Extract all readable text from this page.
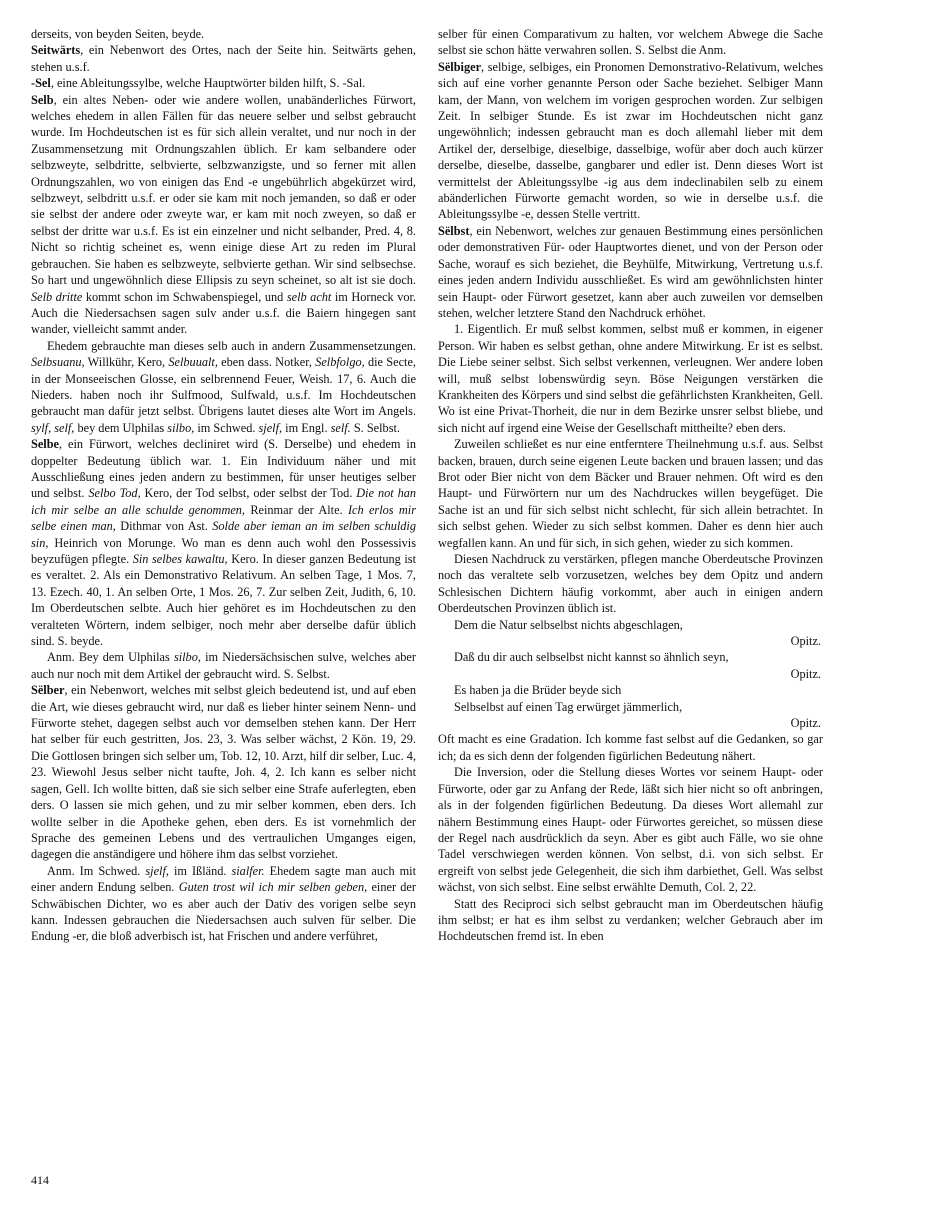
derseits, von beyden Seiten, beyde.

Seitwärts, ein Nebenwort des Ortes, nach der Seite hin. Seitwärts gehen, stehen u.s.f.

-Sel, eine Ableitungssylbe, welche Hauptwörter bilden hilft, S. -Sal.

Selb, ein altes Neben- oder wie andere wollen, unabänderliches Fürwort, welches ehedem in allen Fällen für das neuere selber und selbst gebraucht wurde. Im Hochdeutschen ist es für sich allein veraltet, und nur noch in der Zusammensetzung mit Ordnungszahlen üblich. Er kam selbandere oder selbzweyte, selbdritte, selbvierte, selbzwanzigste, und so ferner mit allen Ordnungszahlen, wo von einigen das End -e ungebührlich abgekürzet wird, selbzweyt, selbdritt u.s.f. er oder sie kam mit noch jemanden, so daß er oder sie selbst der andere oder zweyte war, er kam mit noch zweyen, so daß er selbst der dritte war u.s.f. Es ist ein einzelner und nicht selbander, Pred. 4, 8. Nicht so richtig scheinet es, wenn einige diese Art zu reden im Plural gebrauchen. Sie haben es selbzweyte, selbvierte gethan. Wir sind selbsechse. So hart und ungewöhnlich diese Ellipsis zu seyn scheinet, so alt ist sie doch. Selb dritte kommt schon im Schwabenspiegel, und selb acht im Horneck vor. Auch die Niedersachsen sagen sulv ander u.s.f. die Baiern hingegen sant wander, vielleicht sammt ander.

Ehedem gebrauchte man dieses selb auch in andern Zusammensetzungen. Selbsuanu, Willkühr, Kero, Selbuualt, eben dass. Notker, Selbfolgo, die Secte, in der Monseeischen Glosse, ein selbrennend Feuer, Weish. 17, 6. Auch die Nieders. haben noch ihr Sulfmood, Sulfwald, u.s.f. Im Hochdeutschen gebraucht man dafür jetzt selbst. Übrigens lautet dieses alte Wort im Angels. sylf, self, bey dem Ulphilas silbo, im Schwed. sjelf, im Engl. self. S. Selbst.

Selbe, ein Fürwort, welches decliniret wird (S. Derselbe) und ehedem in doppelter Bedeutung üblich war. 1. Ein Individuum näher und mit Ausschließung eines jeden andern zu bestimmen, für unser heutiges selber und selbst. Selbo Tod, Kero, der Tod selbst, oder selbst der Tod. Die not han ich mir selbe an alle schulde genommen, Reinmar der Alte. Ich erlos mir selbe einen man, Dithmar von Ast. Solde aber ieman an im selben schuldig sin, Heinrich von Morunge. Wo man es denn auch wohl den Possessivis beyzufügen pflegte. Sin selbes kawaltu, Kero. In dieser ganzen Bedeutung ist es veraltet. 2. Als ein Demonstrativo Relativum. An selben Tage, 1 Mos. 7, 13. Ezech. 40, 1. An selben Orte, 1 Mos. 26, 7. Zur selben Zeit, Judith, 6, 10. Im Oberdeutschen selbte. Auch hier gehöret es im Hochdeutschen zu den veralteten Wörtern, indem selbiger, noch mehr aber derselbe dafür üblich sind. S. beyde.

Anm. Bey dem Ulphilas silbo, im Niedersächsischen sulve, welches aber auch nur noch mit dem Artikel der gebraucht wird. S. Selbst.

Sëlber, ein Nebenwort, welches mit selbst gleich bedeutend ist, und auf eben die Art, wie dieses gebraucht wird, nur daß es lieber hinter seinem Nenn- und Fürworte stehet, dagegen selbst auch vor demselben stehen kann. Der Herr hat selber für euch gestritten, Jos. 23, 3. Was selber wächst, 2 Kön. 19, 29. Die Gottlosen bringen sich selber um, Tob. 12, 10. Arzt, hilf dir selber, Luc. 4, 23. Wiewohl Jesus selber nicht taufte, Joh. 4, 2. Ich kann es selber nicht sagen, Gell. Ich wollte bitten, daß sie sich selber eine Strafe auferlegten, eben ders. O lassen sie mich gehen, und zu mir selber kommen, eben ders. Ich wollte selber in die Apotheke gehen, eben ders. Es ist vornehmlich der Sprache des gemeinen Lebens und des vertraulichen Umganges eigen, dagegen die anständigere und höhere ihm das selbst vorziehet.

Anm. Im Schwed. sjelf, im Ißländ. sialfer. Ehedem sagte man auch mit einer andern Endung selben. Guten trost wil ich mir selben geben, einer der Schwäbischen Dichter, wo es aber auch der Dativ des vorigen selbe seyn kann. Indessen gebrauchen die Niedersachsen auch sulven für selber. Die Endung -er, die bloß adverbisch ist, hat Frischen und andere verführet,

selber für einen Comparativum zu halten, vor welchem Abwege die Sache selbst sie schon hätte verwahren sollen. S. Selbst die Anm.

Sëlbiger, selbige, selbiges, ein Pronomen Demonstrativo-Relativum, welches sich auf eine vorher genannte Person oder Sache beziehet. Selbiger Mann kam, der Mann, von welchem im vorigen gesprochen worden. Zur selbigen Zeit. In selbiger Stunde. Es ist zwar im Hochdeutschen nicht ganz ungewöhnlich; indessen gebraucht man es doch allemahl lieber mit dem Artikel der, derselbige, dieselbige, dasselbige, wofür aber doch auch kürzer derselbe, dieselbe, dasselbe, gangbarer und edler ist. Denn dieses Wort ist vermittelst der Ableitungssylbe -ig aus dem indeclinabilen selb zu einem abänderlichen Fürworte gemacht worden, so wie in derselbe u.s.f. die Ableitungssylbe -e, dessen Stelle vertritt.

Sëlbst, ein Nebenwort, welches zur genauen Bestimmung eines persönlichen oder demonstrativen Für- oder Hauptwortes dienet, und von der Person oder Sache, worauf es sich beziehet, die Beyhülfe, Mitwirkung, Vertretung u.s.f. eines jeden andern Individu ausschließet. Es wird am gewöhnlichsten hinter sein Haupt- oder Fürwort gesetzet, kann aber auch zuweilen vor demselben stehen, welcher letztere Stand den Nachdruck erhöhet.

1. Eigentlich. Er muß selbst kommen, selbst muß er kommen, in eigener Person. Wir haben es selbst gethan, ohne andere Mitwirkung. Er ist es selbst. Die Liebe seiner selbst. Sich selbst verkennen, verleugnen. Wer andere loben will, muß selbst lobenswürdig seyn. Böse Neigungen verstärken die Krankheiten des Körpers und sind selbst die gefährlichsten Krankheiten, Gell. Wo ist eine Privat-Thorheit, die nur in dem Bezirke unsrer selbst bliebe, und sich nicht auf irgend eine Weise der Gesellschaft mittheilte? eben ders.

Zuweilen schließet es nur eine entferntere Theilnehmung u.s.f. aus. Selbst backen, brauen, durch seine eigenen Leute backen und brauen lassen; und das Brot oder Bier nicht von dem Bäcker und Brauer nehmen. Oft wird es den Haupt- und Fürwörtern nur um des Nachdruckes willen beygefüget. Die Sache ist an und für sich selbst nicht schlecht, für sich allein betrachtet. In sich selbst gehen. Wieder zu sich selbst kommen. Daher es denn hier auch wegfallen kann. An und für sich, in sich gehen, wieder zu sich kommen.

Diesen Nachdruck zu verstärken, pflegen manche Oberdeutsche Provinzen noch das veraltete selb vorzusetzen, welches bey dem Opitz und andern Schlesischen Dichtern häufig vorkommt, aber auch in einigen andern Oberdeutschen Provinzen üblich ist.

Dem die Natur selbselbst nichts abgeschlagen,

Opitz.

Daß du dir auch selbselbst nicht kannst so ähnlich seyn,

Opitz.

Es haben ja die Brüder beyde sich

Selbselbst auf einen Tag erwürget jämmerlich,

Opitz.

Oft macht es eine Gradation. Ich komme fast selbst auf die Gedanken, so gar ich; da es sich denn der folgenden figürlichen Bedeutung nähert.

Die Inversion, oder die Stellung dieses Wortes vor seinem Haupt- oder Fürworte, oder gar zu Anfang der Rede, läßt sich hier nicht so oft anbringen, als in der folgenden figürlichen Bedeutung. Da dieses Wort allemahl zur nähern Bestimmung eines Haupt- oder Fürwortes gereichet, so müssen diese der Regel nach ausdrücklich da seyn. Aber es gibt auch Fälle, wo sie ohne Tadel verschwiegen werden können. Von selbst, d.i. von sich selbst. Er ergreift von selbst jede Gelegenheit, die sich ihm darbiethet, Gell. Was selbst wächst, von sich selbst. Eine selbst erwählte Demuth, Col. 2, 22.

Statt des Reciproci sich selbst gebraucht man im Oberdeutschen häufig ihm selbst; er hat es ihm selbst zu verdanken; welcher Gebrauch aber im Hochdeutschen fremd ist. In eben

414
